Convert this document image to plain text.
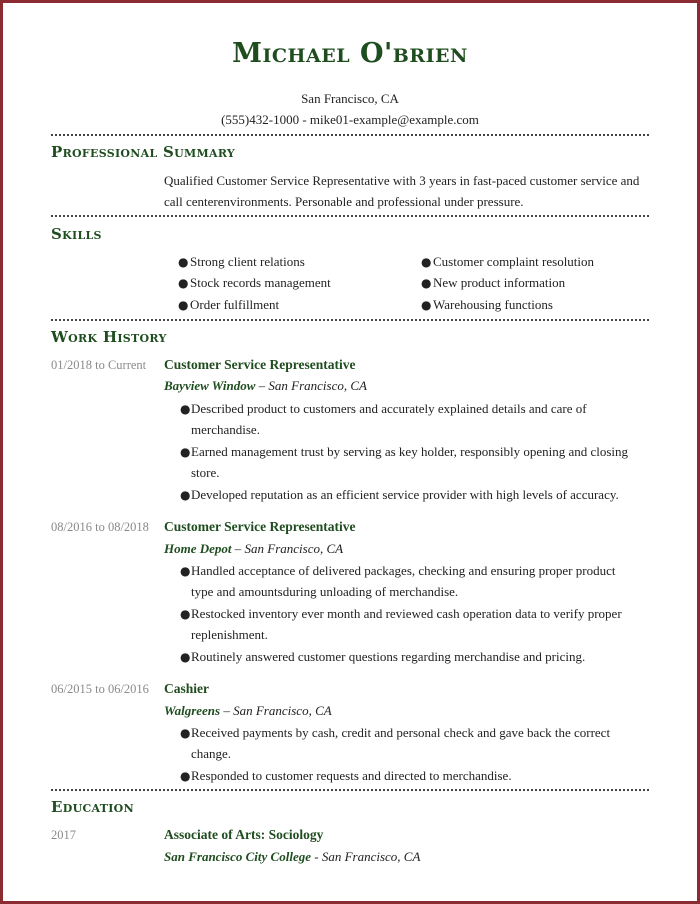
Michael O'brien
San Francisco, CA
(555)432-1000 - mike01-example@example.com
Professional Summary
Qualified Customer Service Representative with 3 years in fast-paced customer service and
call centerenvironments. Personable and professional under pressure.
Skills
● Strong client relations
● Stock records management
● Order fulfillment
● Customer complaint resolution
● New product information
● Warehousing functions
Work History
01/2018 to Current Customer Service Representative
Bayview Window – San Francisco, CA
● Described product to customers and accurately explained details and care of
merchandise.
● Earned management trust by serving as key holder, responsibly opening and closing
store.
● Developed reputation as an efficient service provider with high levels of accuracy.
08/2016 to 08/2018 Customer Service Representative
Home Depot – San Francisco, CA
● Handled acceptance of delivered packages, checking and ensuring proper product
type and amountsduring unloading of merchandise.
● Restocked inventory ever month and reviewed cash operation data to verify proper
replenishment.
● Routinely answered customer questions regarding merchandise and pricing.
06/2015 to 06/2016 Cashier
Walgreens – San Francisco, CA
● Received payments by cash, credit and personal check and gave back the correct
change.
● Responded to customer requests and directed to merchandise.
Education
2017	Associate of Arts: Sociology
San Francisco City College - San Francisco, CA
